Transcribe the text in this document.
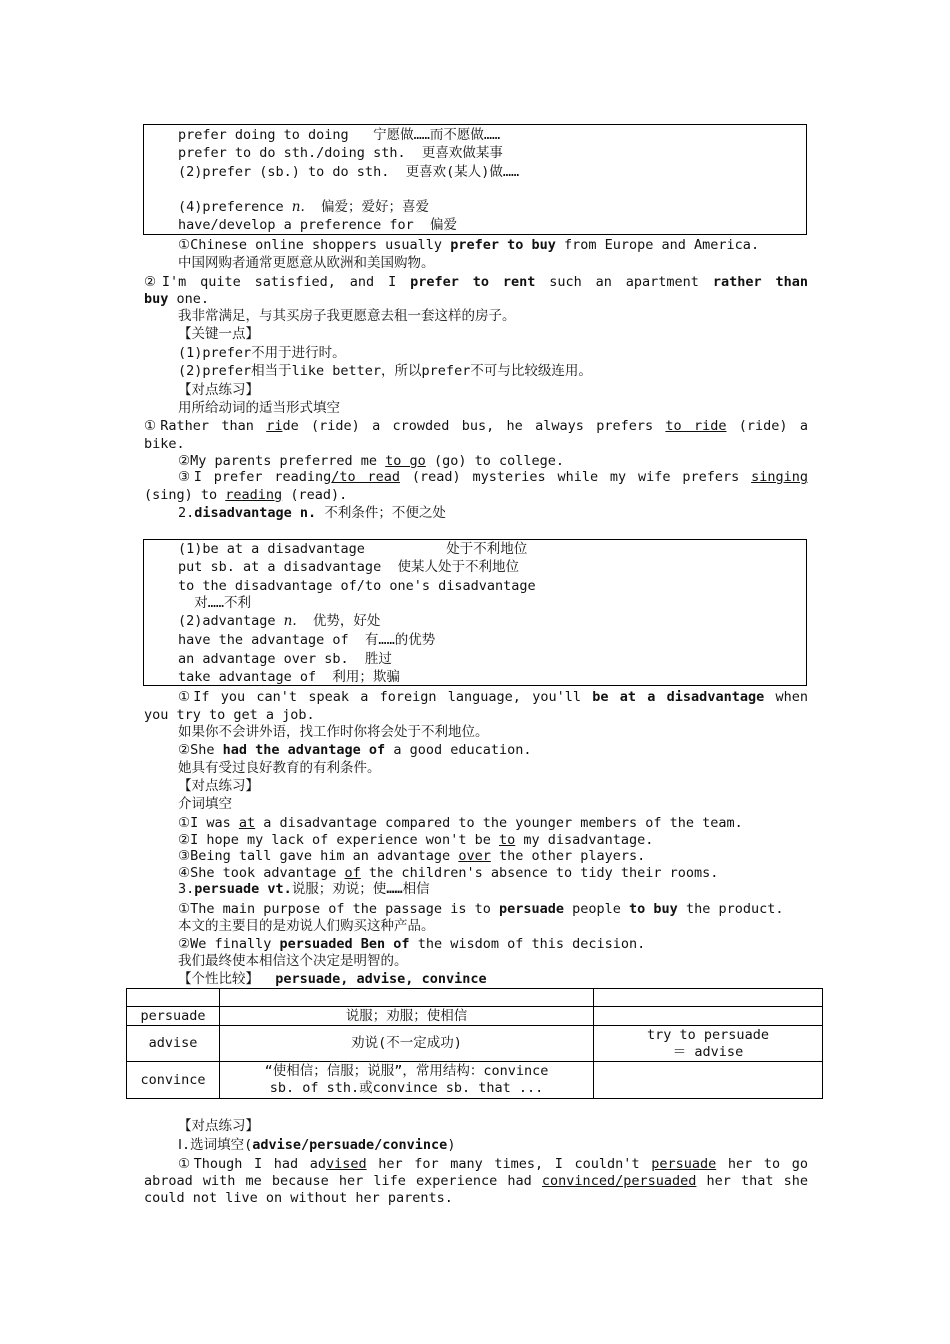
prefer doing to doing   宁愿做……而不愿做……
prefer to do sth./doing sth.  更喜欢做某事
(2)prefer (sb.) to do sth.  更喜欢(某人)做……
(4)preference n.  偏爱；爱好；喜爱
have/develop a preference for  偏爱
①Chinese online shoppers usually prefer to buy from Europe and America.
中国网购者通常更愿意从欧洲和美国购物。
②I'm quite satisfied, and I prefer to rent such an apartment rather than
buy one.
我非常满足，与其买房子我更愿意去租一套这样的房子。
【关键一点】
(1)prefer不用于进行时。
(2)prefer相当于like better，所以prefer不可与比较级连用。
【对点练习】
用所给动词的适当形式填空
①Rather than ride (ride) a crowded bus, he always prefers to ride (ride) a
bike.
②My parents preferred me to go (go) to college.
③I prefer reading/to read (read) mysteries while my wife prefers singing
(sing) to reading (read).
2.disadvantage n. 不利条件；不便之处
(1)be at a disadvantage          处于不利地位
put sb. at a disadvantage  使某人处于不利地位
to the disadvantage of/to one's disadvantage
对……不利
(2)advantage n.  优势，好处
have the advantage of  有……的优势
an advantage over sb.  胜过
take advantage of  利用；欺骗
①If you can't speak a foreign language, you'll be at a disadvantage when
you try to get a job.
如果你不会讲外语，找工作时你将会处于不利地位。
②She had the advantage of a good education.
她具有受过良好教育的有利条件。
【对点练习】
介词填空
①I was at a disadvantage compared to the younger members of the team.
②I hope my lack of experience won't be to my disadvantage.
③Being tall gave him an advantage over the other players.
④She took advantage of the children's absence to tidy their rooms.
3.persuade vt.说服；劝说；使……相信
①The main purpose of the passage is to persuade people to buy the product.
本文的主要目的是劝说人们购买这种产品。
②We finally persuaded Ben of the wisdom of this decision.
我们最终使本相信这个决定是明智的。
【个性比较】 persuade, advise, convince

persuade	说服；劝服；使相信	
advise	劝说(不一定成功)	try to persuade
＝ advise

convince	“使相信；信服；说服”，常用结构：convince
sb. of sth.或convince sb. that ...	

【对点练习】
Ⅰ.选词填空(advise/persuade/convince)
①Though I had advised her for many times, I couldn't persuade her to go
abroad with me because her life experience had convinced/persuaded her that she
could not live on without her parents.
